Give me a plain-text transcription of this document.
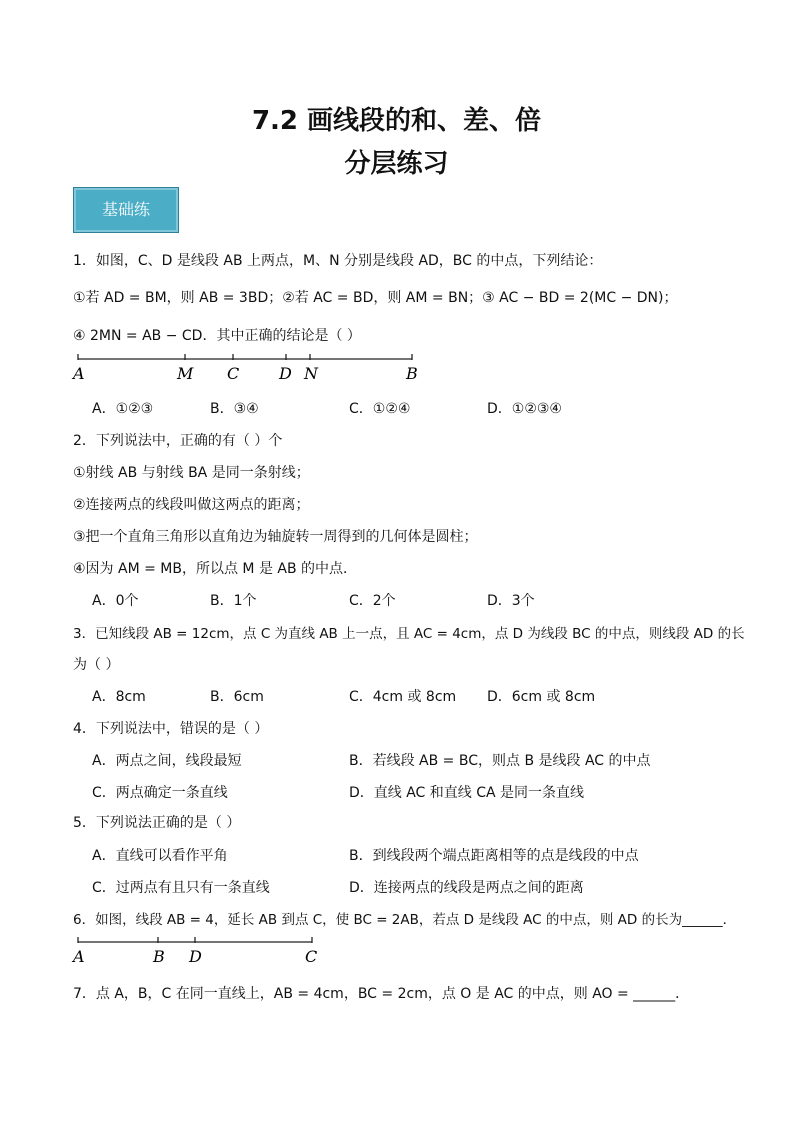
7.2 画线段的和、差、倍
分层练习
基础练
1．如图，C、D 是线段 AB 上两点，M、N 分别是线段 AD，BC 的中点，下列结论：
①若 AD = BM，则 AB = 3BD；②若 AC = BD，则 AM = BN；③ AC − BD = 2(MC − DN)；
④ 2MN = AB − CD．其中正确的结论是（ ）
A	M C D N	B
A．①②③	B．③④	C．①②④	D．①②③④
2．下列说法中，正确的有（ ）个
①射线 AB 与射线 BA 是同一条射线；
②连接两点的线段叫做这两点的距离；
③把一个直角三角形以直角边为轴旋转一周得到的几何体是圆柱；
④因为 AM = MB，所以点 M 是 AB 的中点．
A．0个	B．1个	C．2个	D．3个
3．已知线段 AB = 12cm，点 C 为直线 AB 上一点，且 AC = 4cm，点 D 为线段 BC 的中点，则线段 AD 的长
为（ ）
A．8cm	B．6cm	C．4cm 或 8cm D．6cm 或 8cm
4．下列说法中，错误的是（ ）
A．两点之间，线段最短	B．若线段 AB = BC，则点 B 是线段 AC 的中点
C．两点确定一条直线	D．直线 AC 和直线 CA 是同一条直线
5．下列说法正确的是（ ）
A．直线可以看作平角	B．到线段两个端点距离相等的点是线段的中点
C．过两点有且只有一条直线	D．连接两点的线段是两点之间的距离
6．如图，线段 AB = 4，延长 AB 到点 C，使 BC = 2AB，若点 D 是线段 AC 的中点，则 AD 的长为______．
A	B D	C
7．点 A，B，C 在同一直线上，AB = 4cm，BC = 2cm，点 O 是 AC 的中点，则 AO = ______．
